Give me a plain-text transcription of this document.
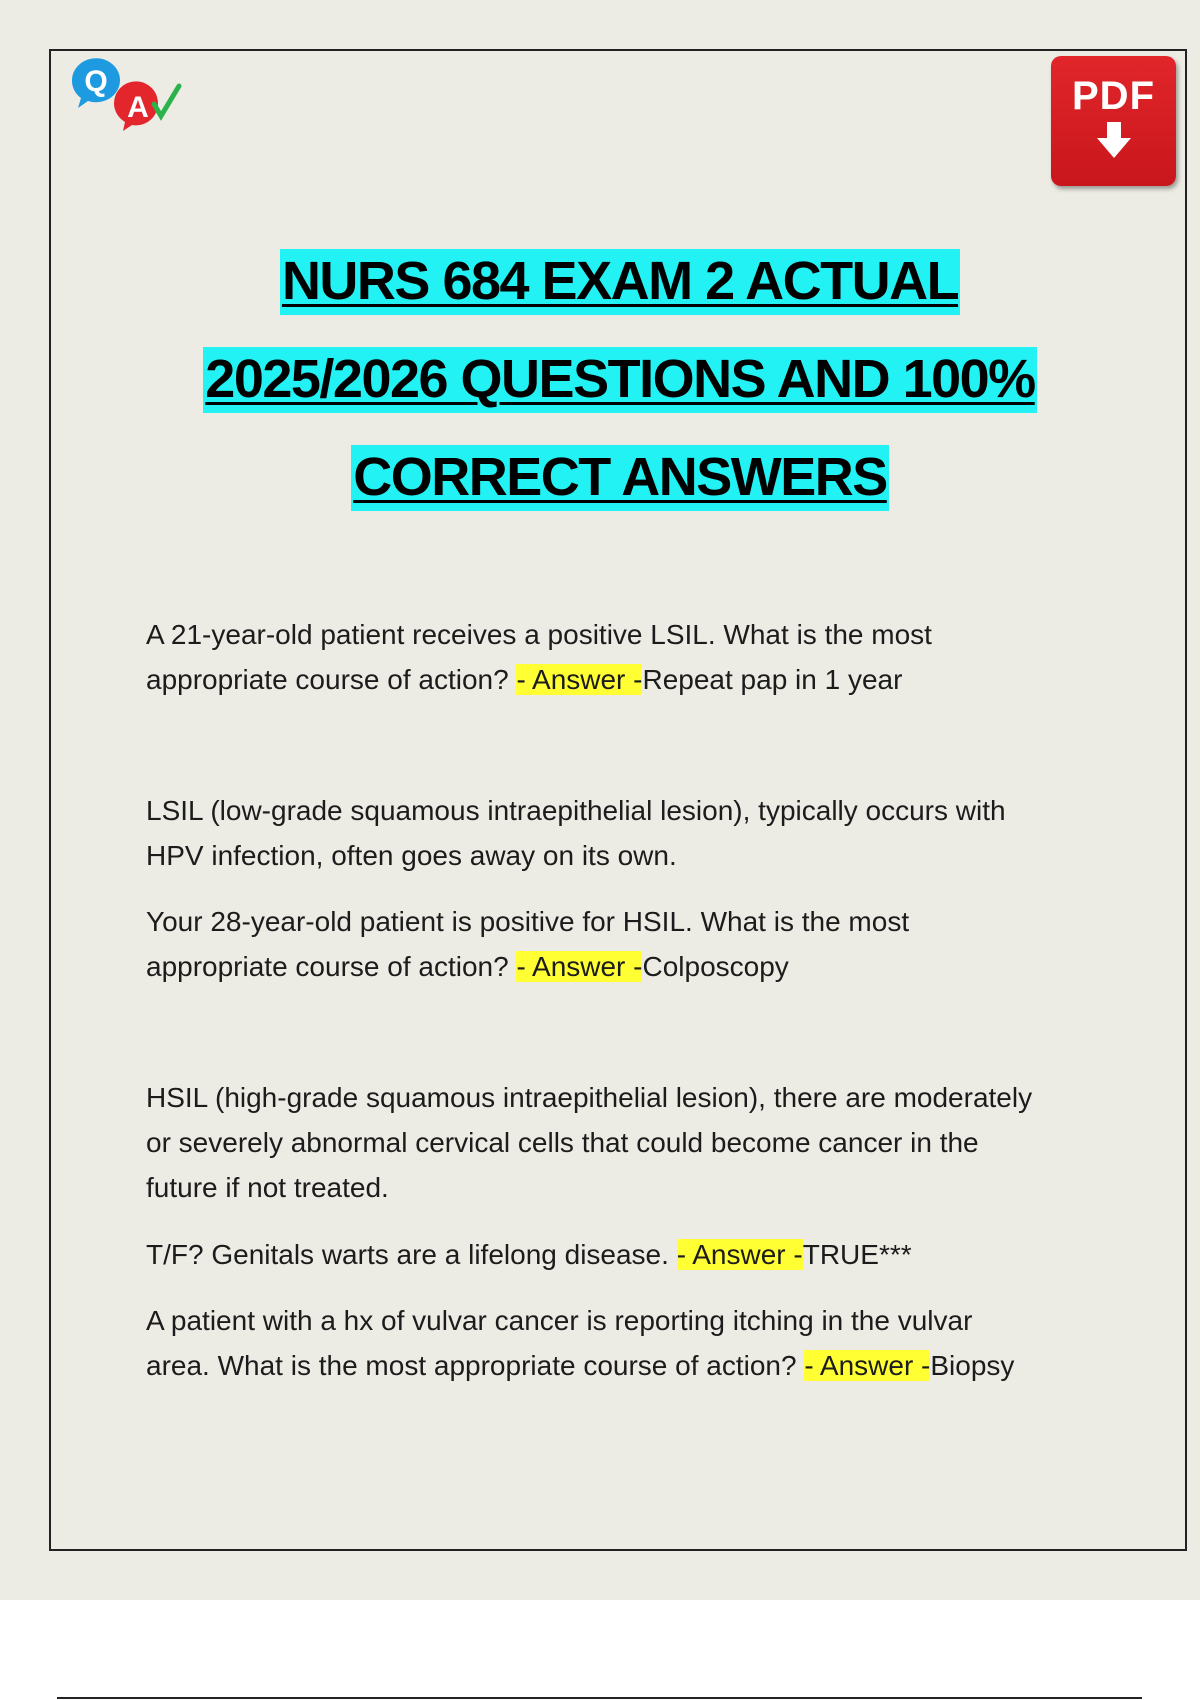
Q
A	PDF
NURS 684 EXAM 2 ACTUAL
2025/2026 QUESTIONS AND 100%
CORRECT ANSWERS

A 21-year-old patient receives a positive LSIL. What is the most
appropriate course of action? - Answer -Repeat pap in 1 year

LSIL (low-grade squamous intraepithelial lesion), typically occurs with
HPV infection, often goes away on its own.

Your 28-year-old patient is positive for HSIL. What is the most
appropriate course of action? - Answer -Colposcopy

HSIL (high-grade squamous intraepithelial lesion), there are moderately
or severely abnormal cervical cells that could become cancer in the
future if not treated.

T/F? Genitals warts are a lifelong disease. - Answer -TRUE***

A patient with a hx of vulvar cancer is reporting itching in the vulvar
area. What is the most appropriate course of action? - Answer -Biopsy
